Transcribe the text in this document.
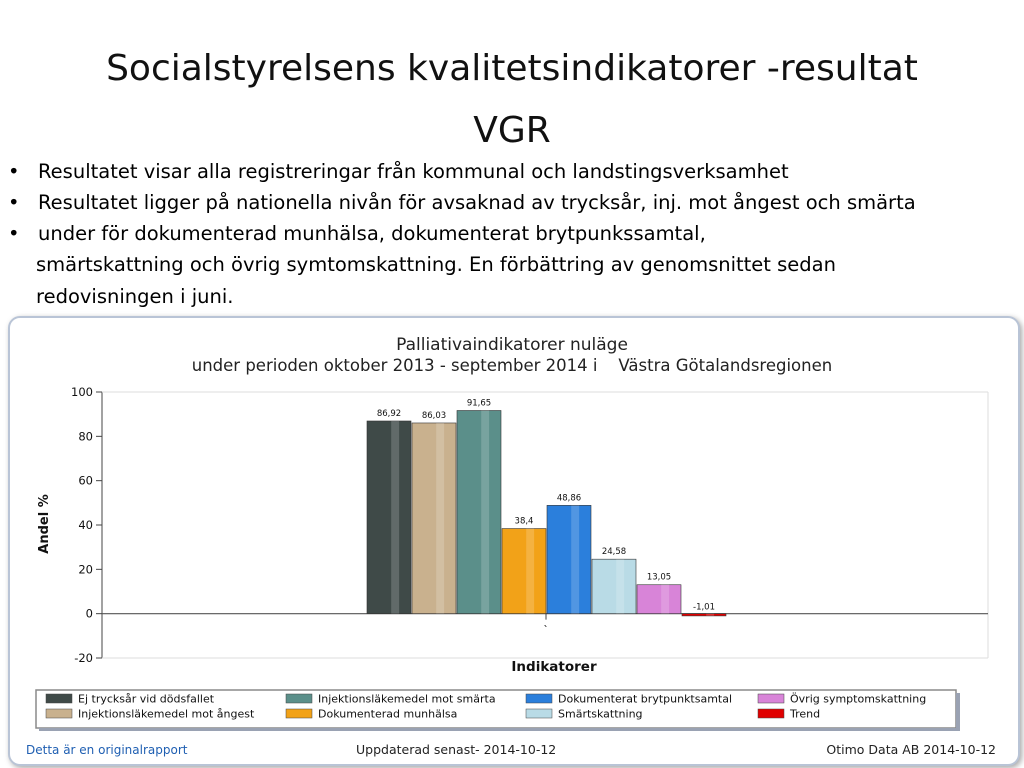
Socialstyrelsens kvalitetsindikatorer -resultat
VGR
• Resultatet visar alla registreringar från kommunal och landstingsverksamhet
• Resultatet ligger på nationella nivån för avsaknad av trycksår, inj. mot ångest och smärta
• under för dokumenterad munhälsa, dokumenterat brytpunkssamtal,
smärtskattning och övrig symtomskattning. En förbättring av genomsnittet sedan
redovisningen i juni.
Palliativaindikatorer nuläge
under perioden oktober 2013 - september 2014 i    Västra Götalandsregionen
100
80
60
40
20
0
-20
`
86,92 86,03
91,65
38,4
48,86
24,58
13,05
-1,01
Indikatorer
Andel %
Ej trycksår vid dödsfallet	Injektionsläkemedel mot smärta	Dokumenterat brytpunktsamtal	Övrig symptomskattning
Injektionsläkemedel mot ångest	Dokumenterad munhälsa	Smärtskattning	Trend
Detta är en originalrapport	Uppdaterad senast- 2014-10-12	Otimo Data AB 2014-10-12
